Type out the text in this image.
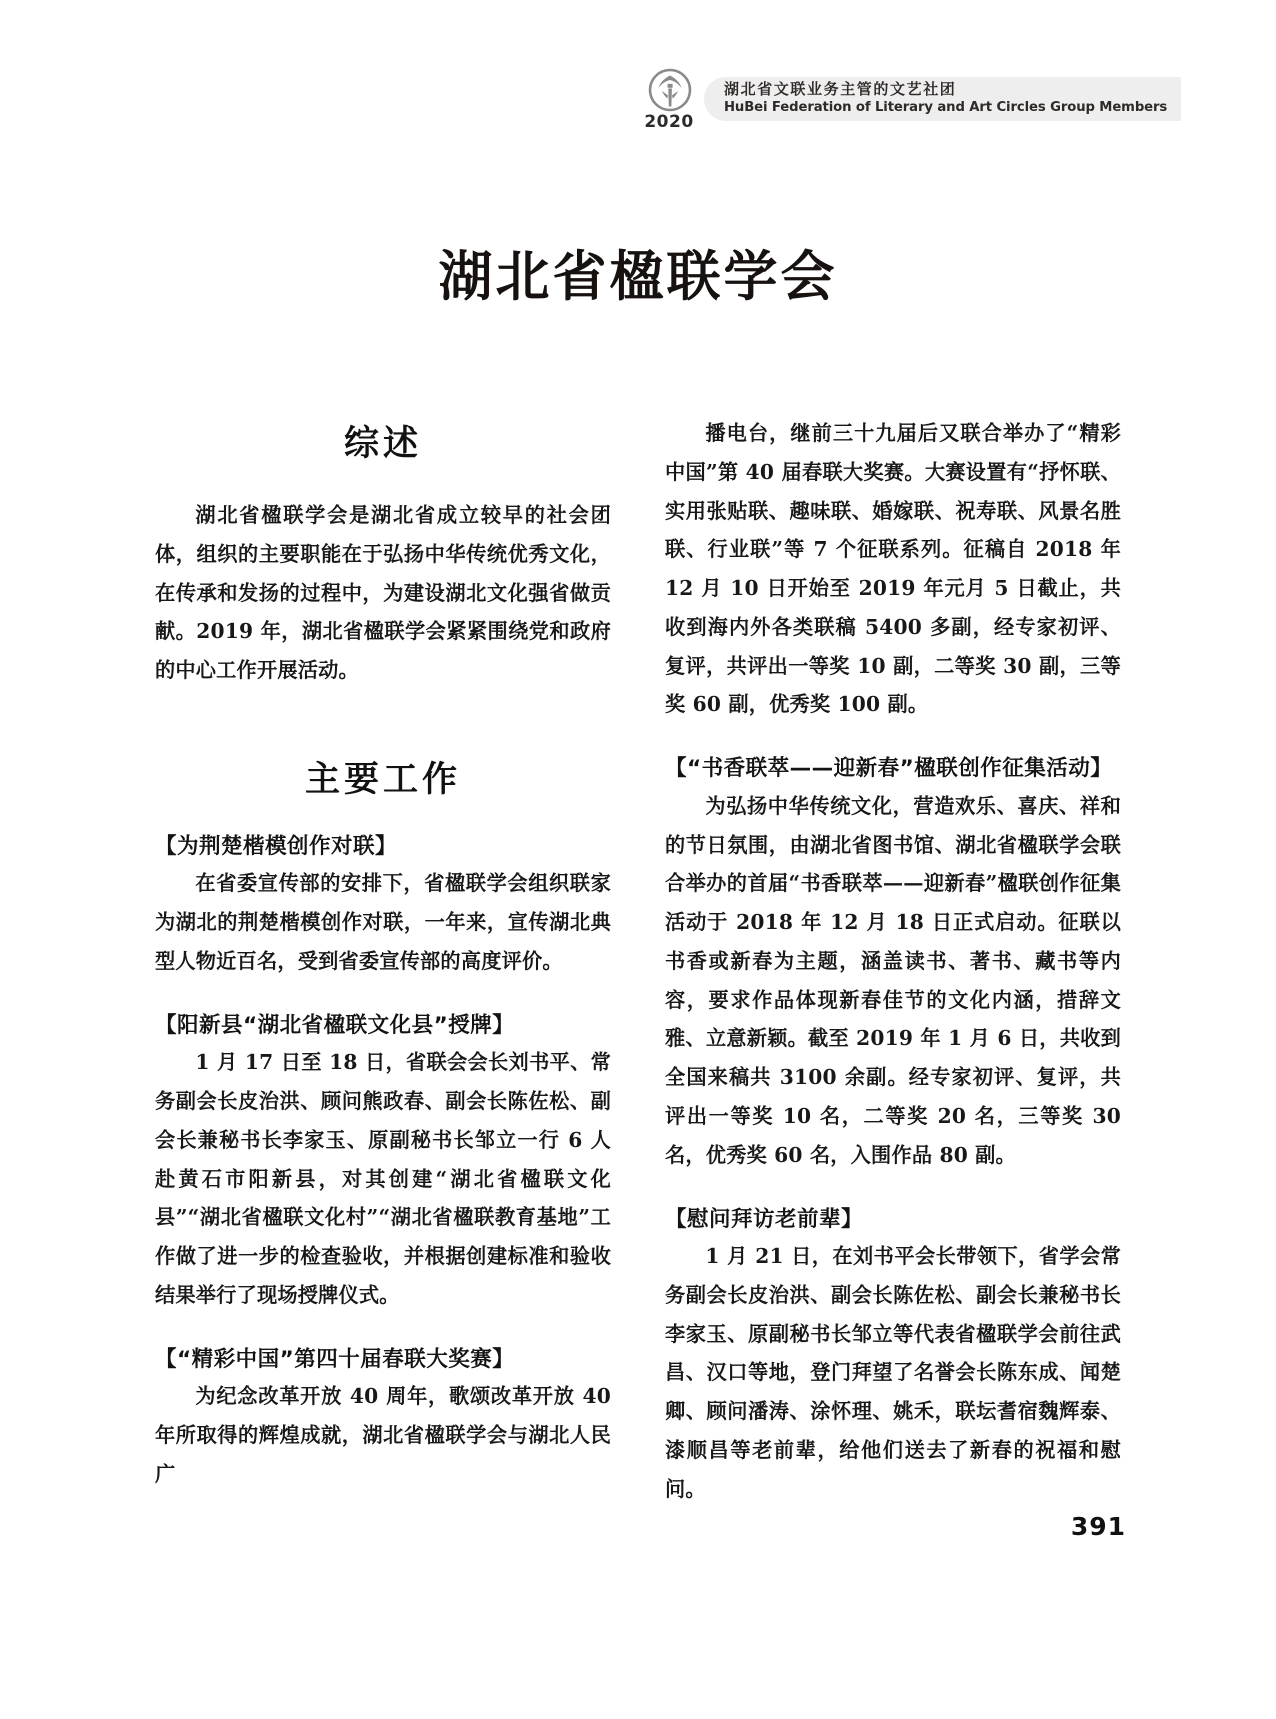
2020
湖北省文联业务主管的文艺社团
HuBei Federation of Literary and Art Circles Group Members
湖北省楹联学会
综述

湖北省楹联学会是湖北省成立较早的社会团体，组织的主要职能在于弘扬中华传统优秀文化，在传承和发扬的过程中，为建设湖北文化强省做贡献。2019 年，湖北省楹联学会紧紧围绕党和政府的中心工作开展活动。

主要工作
【为荆楚楷模创作对联】

在省委宣传部的安排下，省楹联学会组织联家为湖北的荆楚楷模创作对联，一年来，宣传湖北典型人物近百名，受到省委宣传部的高度评价。

【阳新县“湖北省楹联文化县”授牌】

1 月 17 日至 18 日，省联会会长刘书平、常务副会长皮治洪、顾问熊政春、副会长陈佐松、副会长兼秘书长李家玉、原副秘书长邹立一行 6 人赴黄石市阳新县，对其创建“湖北省楹联文化县”“湖北省楹联文化村”“湖北省楹联教育基地”工作做了进一步的检查验收，并根据创建标准和验收结果举行了现场授牌仪式。

【“精彩中国”第四十届春联大奖赛】

为纪念改革开放 40 周年，歌颂改革开放 40 年所取得的辉煌成就，湖北省楹联学会与湖北人民广

播电台，继前三十九届后又联合举办了“精彩中国”第 40 届春联大奖赛。大赛设置有“抒怀联、实用张贴联、趣味联、婚嫁联、祝寿联、风景名胜联、行业联”等 7 个征联系列。征稿自 2018 年 12 月 10 日开始至 2019 年元月 5 日截止，共收到海内外各类联稿 5400 多副，经专家初评、复评，共评出一等奖 10 副，二等奖 30 副，三等奖 60 副，优秀奖 100 副。

【“书香联萃——迎新春”楹联创作征集活动】

为弘扬中华传统文化，营造欢乐、喜庆、祥和的节日氛围，由湖北省图书馆、湖北省楹联学会联合举办的首届“书香联萃——迎新春”楹联创作征集活动于 2018 年 12 月 18 日正式启动。征联以书香或新春为主题，涵盖读书、著书、藏书等内容，要求作品体现新春佳节的文化内涵，措辞文雅、立意新颖。截至 2019 年 1 月 6 日，共收到全国来稿共 3100 余副。经专家初评、复评，共评出一等奖 10 名，二等奖 20 名，三等奖 30 名，优秀奖 60 名，入围作品 80 副。

【慰问拜访老前辈】

1 月 21 日，在刘书平会长带领下，省学会常务副会长皮治洪、副会长陈佐松、副会长兼秘书长李家玉、原副秘书长邹立等代表省楹联学会前往武昌、汉口等地，登门拜望了名誉会长陈东成、闻楚卿、顾问潘涛、涂怀理、姚禾，联坛耆宿魏辉泰、漆顺昌等老前辈，给他们送去了新春的祝福和慰问。

391
